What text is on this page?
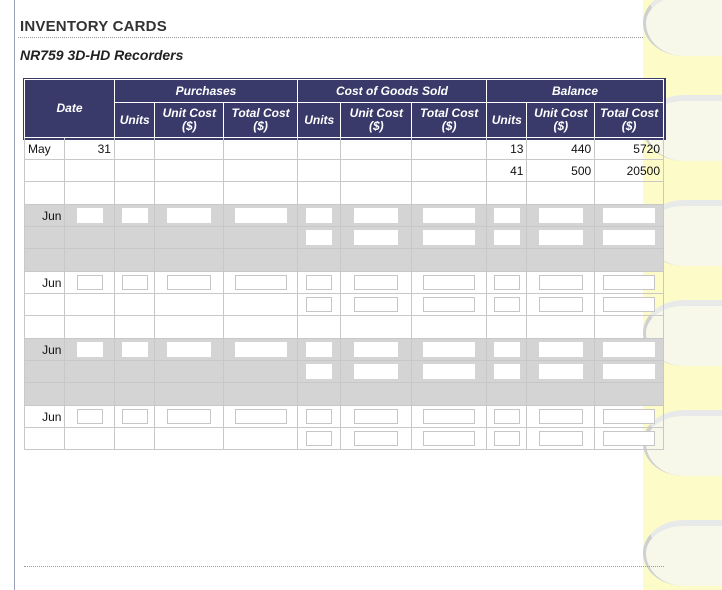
INVENTORY CARDS
NR759 3D-HD Recorders
Date		Purchases			Cost of Goods Sold			Balance		
		Units	Unit Cost ($)	Total Cost ($)	Units	Unit Cost ($)	Total Cost ($)	Units	Unit Cost ($)	Total Cost ($)
May	31							13	440	5720
								41	500	20500

Jun	

Jun	

Jun	

Jun	
